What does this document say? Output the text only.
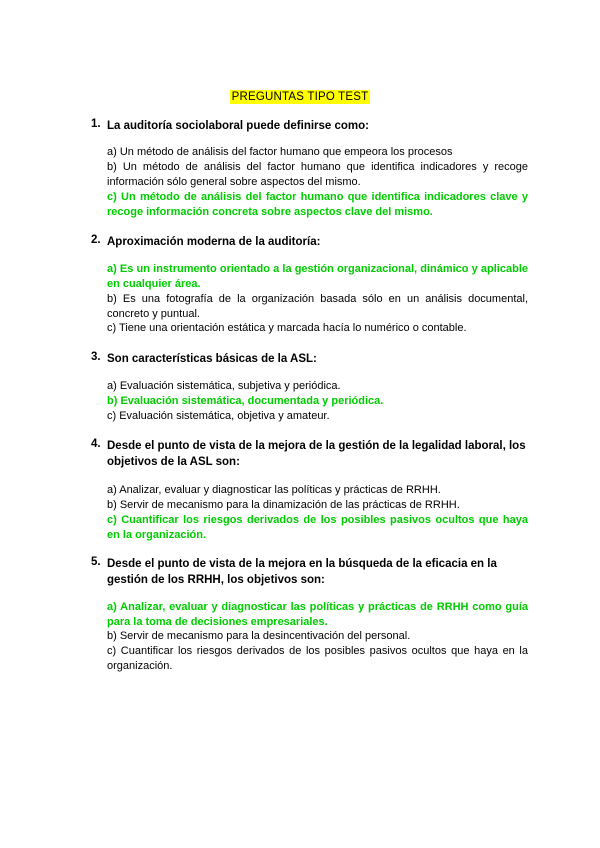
PREGUNTAS TIPO TEST
1. La auditoría sociolaboral puede definirse como:
a) Un método de análisis del factor humano que empeora los procesos
b) Un método de análisis del factor humano que identifica indicadores y recoge información sólo general sobre aspectos del mismo.
c) Un método de análisis del factor humano que identifica indicadores clave y recoge información concreta sobre aspectos clave del mismo.
2. Aproximación moderna de la auditoría:
a) Es un instrumento orientado a la gestión organizacional, dinámico y aplicable en cualquier área.
b) Es una fotografía de la organización basada sólo en un análisis documental, concreto y puntual.
c) Tiene una orientación estática y marcada hacía lo numérico o contable.
3. Son características básicas de la ASL:
a) Evaluación sistemática, subjetiva y periódica.
b) Evaluación sistemática, documentada y periódica.
c) Evaluación sistemática, objetiva y amateur.
4. Desde el punto de vista de la mejora de la gestión de la legalidad laboral, los objetivos de la ASL son:
a) Analizar, evaluar y diagnosticar las políticas y prácticas de RRHH.
b) Servir de mecanismo para la dinamización de las prácticas de RRHH.
c) Cuantificar los riesgos derivados de los posibles pasivos ocultos que haya en la organización.
5. Desde el punto de vista de la mejora en la búsqueda de la eficacia en la gestión de los RRHH, los objetivos son:
a) Analizar, evaluar y diagnosticar las políticas y prácticas de RRHH como guía para la toma de decisiones empresariales.
b) Servir de mecanismo para la desincentivación del personal.
c) Cuantificar los riesgos derivados de los posibles pasivos ocultos que haya en la organización.
